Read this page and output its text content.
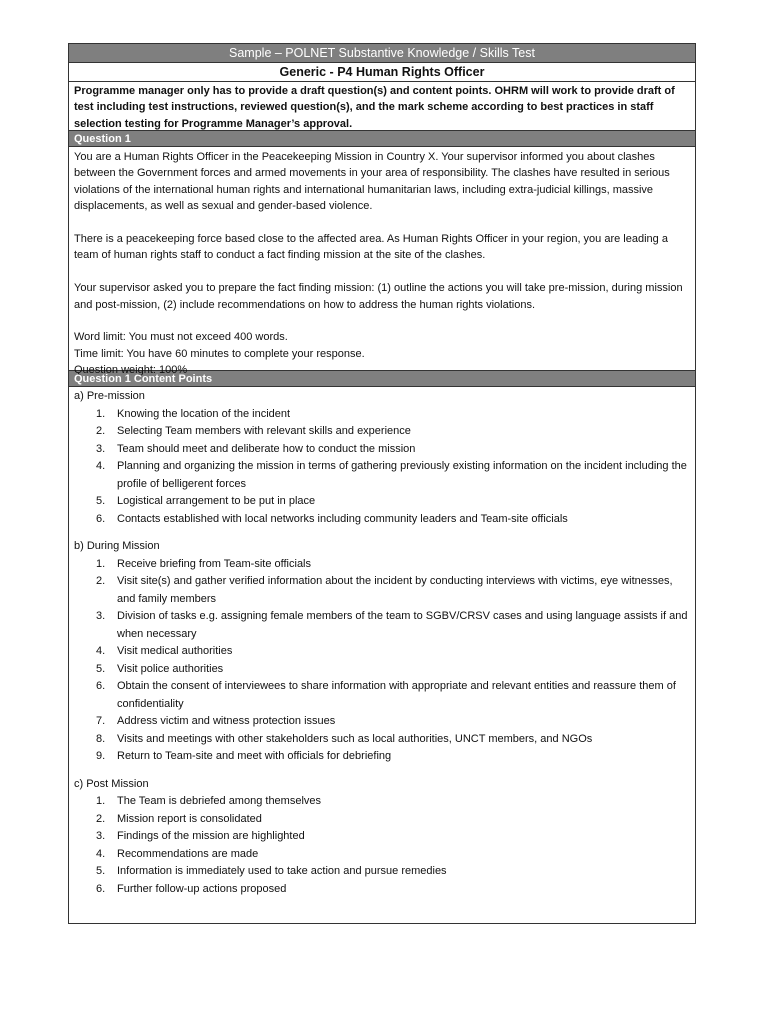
Sample – POLNET Substantive Knowledge / Skills Test
Generic - P4 Human Rights Officer
Programme manager only has to provide a draft question(s) and content points. OHRM will work to provide draft of test including test instructions, reviewed question(s), and the mark scheme according to best practices in staff selection testing for Programme Manager’s approval.
Question 1

You are a Human Rights Officer in the Peacekeeping Mission in Country X. Your supervisor informed you about clashes between the Government forces and armed movements in your area of responsibility. The clashes have resulted in serious violations of the international human rights and international humanitarian laws, including extra-judicial killings, massive displacements, as well as sexual and gender-based violence.

There is a peacekeeping force based close to the affected area. As Human Rights Officer in your region, you are leading a team of human rights staff to conduct a fact finding mission at the site of the clashes.

Your supervisor asked you to prepare the fact finding mission: (1) outline the actions you will take pre-mission, during mission and post-mission, (2) include recommendations on how to address the human rights violations.

Word limit: You must not exceed 400 words.

Time limit: You have 60 minutes to complete your response.

Question 1 Content Points

a) Pre-mission

1. Knowing the location of the incident
2. Selecting Team members with relevant skills and experience
3. Team should meet and deliberate how to conduct the mission
4. Planning and organizing the mission in terms of gathering previously existing information on the incident including the profile of belligerent forces
5. Logistical arrangement to be put in place
6. Contacts established with local networks including community leaders and Team-site officials

b) During Mission

1. Receive briefing from Team-site officials
2. Visit site(s) and gather verified information about the incident by conducting interviews with victims, eye witnesses, and family members
3. Division of tasks e.g. assigning female members of the team to SGBV/CRSV cases and using language assists if and when necessary
4. Visit medical authorities
5. Visit police authorities
6. Obtain the consent of interviewees to share information with appropriate and relevant entities and reassure them of confidentiality
7. Address victim and witness protection issues
8. Visits and meetings with other stakeholders such as local authorities, UNCT members, and NGOs
9. Return to Team-site and meet with officials for debriefing

c) Post Mission

1. The Team is debriefed among themselves
2. Mission report is consolidated
3. Findings of the mission are highlighted
4. Recommendations are made
5. Information is immediately used to take action and pursue remedies
6. Further follow-up actions proposed
